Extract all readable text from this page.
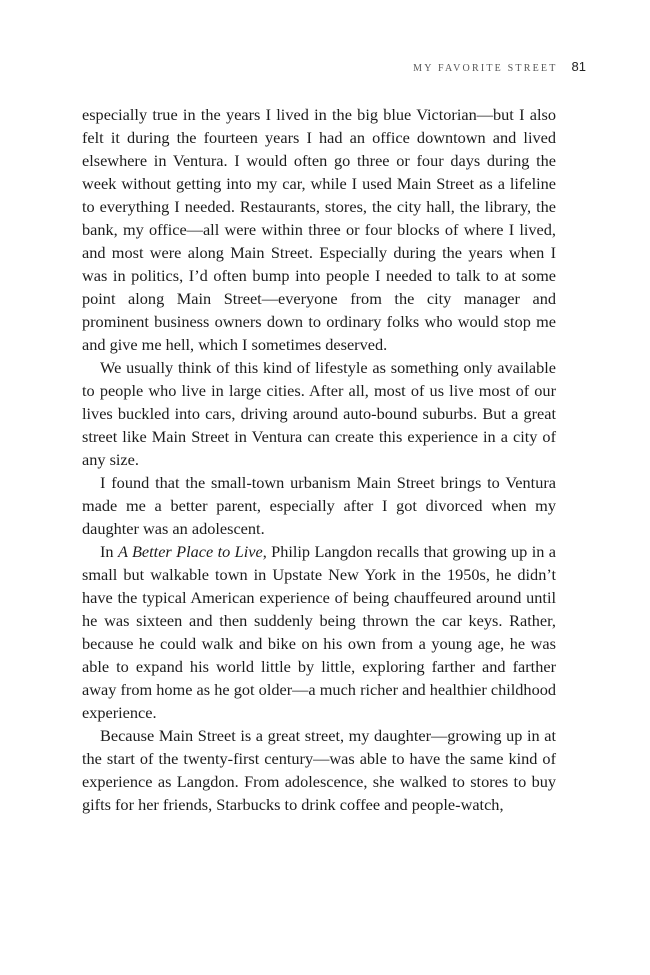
MY FAVORITE STREET 81

especially true in the years I lived in the big blue Victorian—but I also felt it during the fourteen years I had an office downtown and lived elsewhere in Ventura. I would often go three or four days during the week without getting into my car, while I used Main Street as a lifeline to everything I needed. Restaurants, stores, the city hall, the library, the bank, my office—all were within three or four blocks of where I lived, and most were along Main Street. Especially during the years when I was in politics, I’d often bump into people I needed to talk to at some point along Main Street—everyone from the city manager and prominent business owners down to ordinary folks who would stop me and give me hell, which I sometimes deserved.

We usually think of this kind of lifestyle as something only available to people who live in large cities. After all, most of us live most of our lives buckled into cars, driving around auto-bound suburbs. But a great street like Main Street in Ventura can create this experience in a city of any size.

I found that the small-town urbanism Main Street brings to Ventura made me a better parent, especially after I got divorced when my daughter was an adolescent.

In A Better Place to Live, Philip Langdon recalls that growing up in a small but walkable town in Upstate New York in the 1950s, he didn’t have the typical American experience of being chauffeured around until he was sixteen and then suddenly being thrown the car keys. Rather, because he could walk and bike on his own from a young age, he was able to expand his world little by little, exploring farther and farther away from home as he got older—a much richer and healthier childhood experience.

Because Main Street is a great street, my daughter—growing up in at the start of the twenty-first century—was able to have the same kind of experience as Langdon. From adolescence, she walked to stores to buy gifts for her friends, Starbucks to drink coffee and people-watch,
